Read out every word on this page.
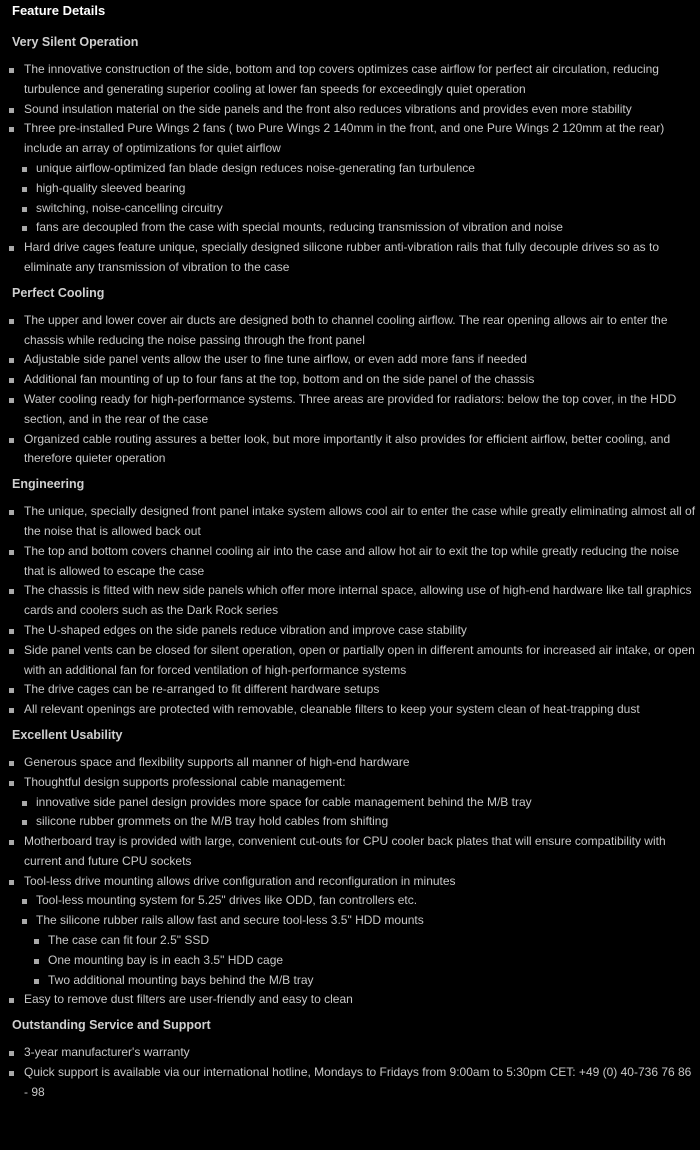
Feature Details
Very Silent Operation
The innovative construction of the side, bottom and top covers optimizes case airflow for perfect air circulation, reducing turbulence and generating superior cooling at lower fan speeds for exceedingly quiet operation
Sound insulation material on the side panels and the front also reduces vibrations and provides even more stability
Three pre-installed Pure Wings 2 fans ( two Pure Wings 2 140mm in the front, and one Pure Wings 2 120mm at the rear) include an array of optimizations for quiet airflow
unique airflow-optimized fan blade design reduces noise-generating fan turbulence
high-quality sleeved bearing
switching, noise-cancelling circuitry
fans are decoupled from the case with special mounts, reducing transmission of vibration and noise
Hard drive cages feature unique, specially designed silicone rubber anti-vibration rails that fully decouple drives so as to eliminate any transmission of vibration to the case
Perfect Cooling
The upper and lower cover air ducts are designed both to channel cooling airflow. The rear opening allows air to enter the chassis while reducing the noise passing through the front panel
Adjustable side panel vents allow the user to fine tune airflow, or even add more fans if needed
Additional fan mounting of up to four fans at the top, bottom and on the side panel of the chassis
Water cooling ready for high-performance systems. Three areas are provided for radiators: below the top cover, in the HDD section, and in the rear of the case
Organized cable routing assures a better look, but more importantly it also provides for efficient airflow, better cooling, and therefore quieter operation
Engineering
The unique, specially designed front panel intake system allows cool air to enter the case while greatly eliminating almost all of the noise that is allowed back out
The top and bottom covers channel cooling air into the case and allow hot air to exit the top while greatly reducing the noise that is allowed to escape the case
The chassis is fitted with new side panels which offer more internal space, allowing use of high-end hardware like tall graphics cards and coolers such as the Dark Rock series
The U-shaped edges on the side panels reduce vibration and improve case stability
Side panel vents can be closed for silent operation, open or partially open in different amounts for increased air intake, or open with an additional fan for forced ventilation of high-performance systems
The drive cages can be re-arranged to fit different hardware setups
All relevant openings are protected with removable, cleanable filters to keep your system clean of heat-trapping dust
Excellent Usability
Generous space and flexibility supports all manner of high-end hardware
Thoughtful design supports professional cable management:
innovative side panel design provides more space for cable management behind the M/B tray
silicone rubber grommets on the M/B tray hold cables from shifting
Motherboard tray is provided with large, convenient cut-outs for CPU cooler back plates that will ensure compatibility with current and future CPU sockets
Tool-less drive mounting allows drive configuration and reconfiguration in minutes
Tool-less mounting system for 5.25" drives like ODD, fan controllers etc.
The silicone rubber rails allow fast and secure tool-less 3.5" HDD mounts
The case can fit four 2.5" SSD
One mounting bay is in each 3.5" HDD cage
Two additional mounting bays behind the M/B tray
Easy to remove dust filters are user-friendly and easy to clean
Outstanding Service and Support
3-year manufacturer's warranty
Quick support is available via our international hotline, Mondays to Fridays from 9:00am to 5:30pm CET: +49 (0) 40-736 76 86 - 98
